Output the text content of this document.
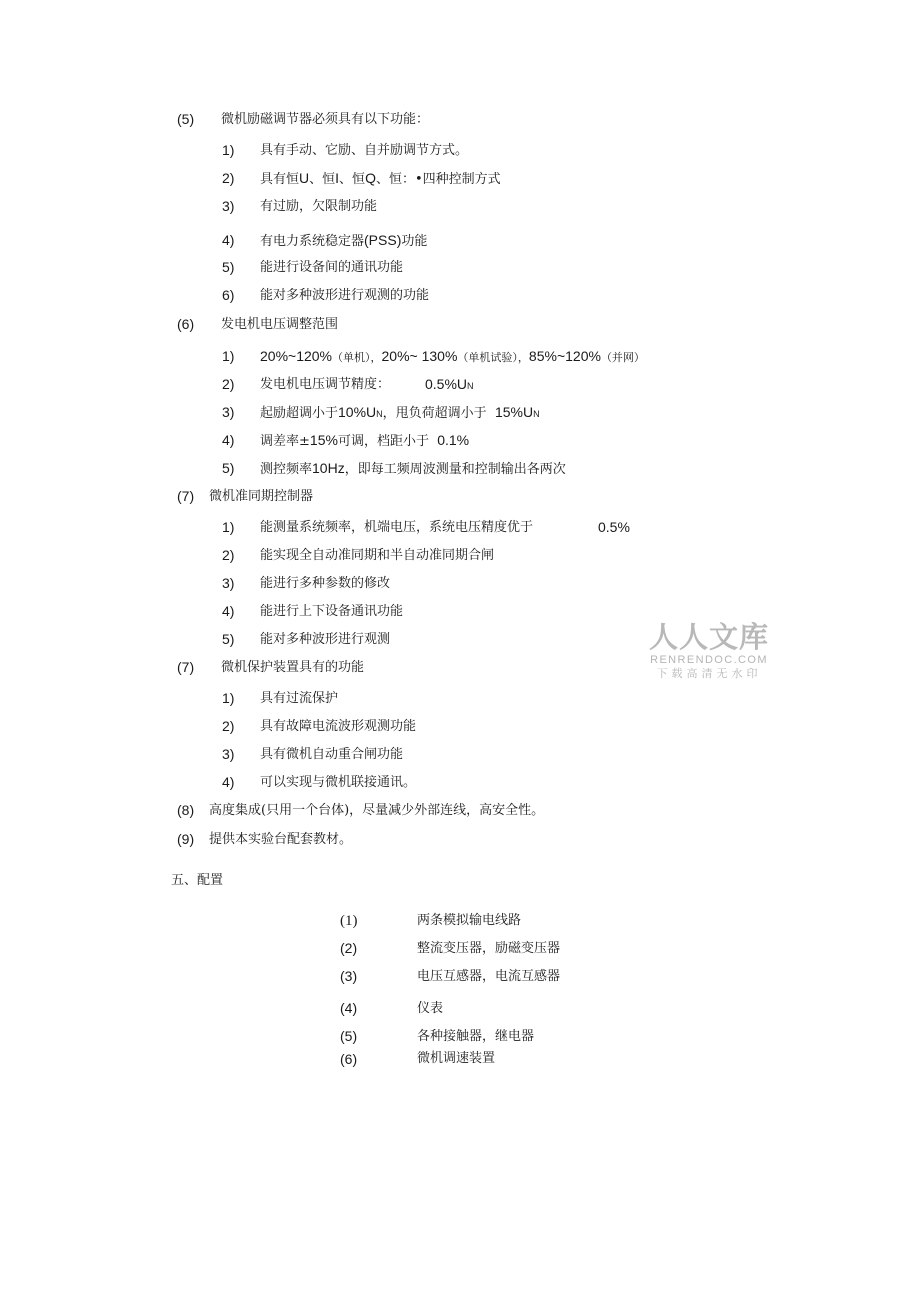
(5) 微机励磁调节器必须具有以下功能：
1) 具有手动、它励、自并励调节方式。
2) 具有恒U、恒I、恒Q、恒：•四种控制方式
3) 有过励，欠限制功能
4) 有电力系统稳定器(PSS)功能
5) 能进行设备间的通讯功能
6) 能对多种波形进行观测的功能
(6) 发电机电压调整范围
1) 20%~120%（单机），20%~ 130%（单机试验），85%~120%（并网）
2) 发电机电压调节精度： 0.5%UN
3) 起励超调小于10%UN，甩负荷超调小于 15%UN
4) 调差率±15%可调，档距小于 0.1%
5) 测控频率10Hz，即每工频周波测量和控制输出各两次
(7) 微机准同期控制器
1) 能测量系统频率，机端电压，系统电压精度优于	0.5%
2) 能实现全自动准同期和半自动准同期合闸
3) 能进行多种参数的修改
4) 能进行上下设备通讯功能
5) 能对多种波形进行观测
(7) 微机保护装置具有的功能
1) 具有过流保护
2) 具有故障电流波形观测功能
3) 具有微机自动重合闸功能
4) 可以实现与微机联接通讯。
(8) 高度集成(只用一个台体)，尽量减少外部连线，高安全性。
(9) 提供本实验台配套教材。
五、配置
(1)	两条模拟输电线路
(2)	整流变压器，励磁变压器
(3)	电压互感器，电流互感器
(4)	仪表
(5)	各种接触器，继电器
(6)	微机调速装置
人人文库
RENRENDOC.COM
下载高清无水印
